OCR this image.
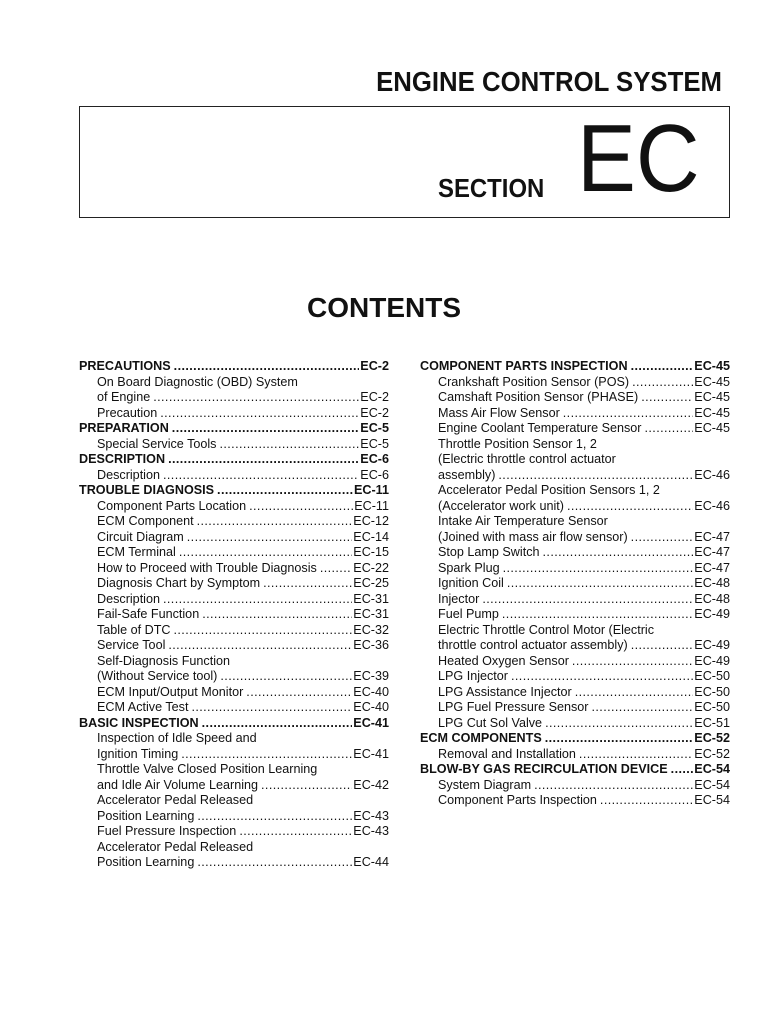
ENGINE CONTROL SYSTEM
SECTION EC
CONTENTS
PRECAUTIONS .....	EC-2
On Board Diagnostic (OBD) System
of Engine .....	EC-2
Precaution .....	EC-2
PREPARATION .....	EC-5
Special Service Tools .....	EC-5
DESCRIPTION .....	EC-6
Description .....	EC-6
TROUBLE DIAGNOSIS .....	EC-11
Component Parts Location .....	EC-11
ECM Component .....	EC-12
Circuit Diagram .....	EC-14
ECM Terminal .....	EC-15
How to Proceed with Trouble Diagnosis .....	EC-22
Diagnosis Chart by Symptom .....	EC-25
Description .....	EC-31
Fail-Safe Function .....	EC-31
Table of DTC .....	EC-32
Service Tool .....	EC-36
Self-Diagnosis Function
(Without Service tool) .....	EC-39
ECM Input/Output Monitor .....	EC-40
ECM Active Test .....	EC-40
BASIC INSPECTION .....	EC-41
Inspection of Idle Speed and
Ignition Timing .....	EC-41
Throttle Valve Closed Position Learning
and Idle Air Volume Learning .....	EC-42
Accelerator Pedal Released
Position Learning .....	EC-43
Fuel Pressure Inspection .....	EC-43
Accelerator Pedal Released
Position Learning .....	EC-44
COMPONENT PARTS INSPECTION .....	EC-45
Crankshaft Position Sensor (POS) .....	EC-45
Camshaft Position Sensor (PHASE) .....	EC-45
Mass Air Flow Sensor .....	EC-45
Engine Coolant Temperature Sensor .....	EC-45
Throttle Position Sensor 1, 2
(Electric throttle control actuator
assembly) .....	EC-46
Accelerator Pedal Position Sensors 1, 2
(Accelerator work unit) .....	EC-46
Intake Air Temperature Sensor
(Joined with mass air flow sensor) .....	EC-47
Stop Lamp Switch .....	EC-47
Spark Plug .....	EC-47
Ignition Coil .....	EC-48
Injector .....	EC-48
Fuel Pump .....	EC-49
Electric Throttle Control Motor (Electric
throttle control actuator assembly) .....	EC-49
Heated Oxygen Sensor .....	EC-49
LPG Injector .....	EC-50
LPG Assistance Injector .....	EC-50
LPG Fuel Pressure Sensor .....	EC-50
LPG Cut Sol Valve .....	EC-51
ECM COMPONENTS .....	EC-52
Removal and Installation .....	EC-52
BLOW-BY GAS RECIRCULATION DEVICE ..... EC-54
System Diagram .....	EC-54
Component Parts Inspection .....	EC-54
